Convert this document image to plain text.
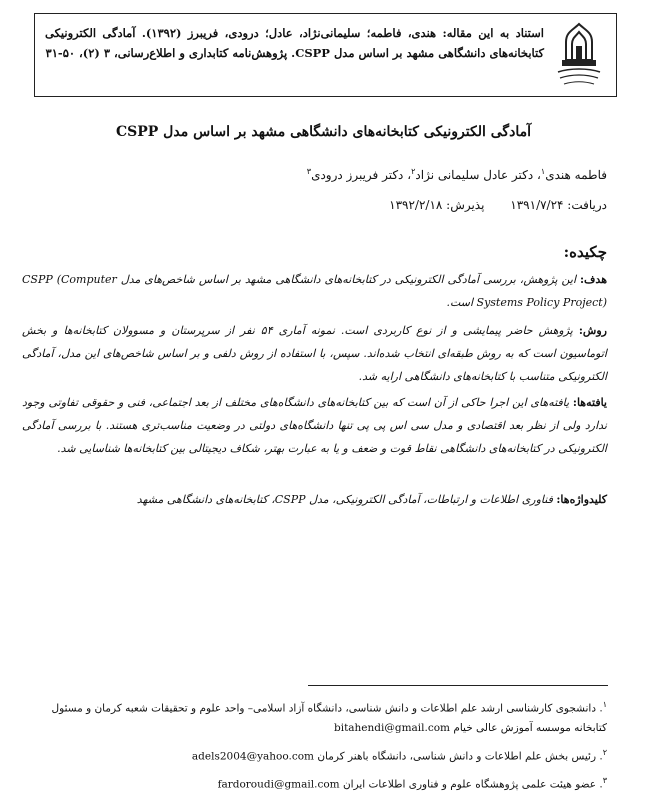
استناد به این مقاله: هندی، فاطمه؛ سلیمانی‌نژاد، عادل؛ درودی، فریبرز (۱۳۹۲). آمادگی الکترونیکی کتابخانه‌های دانشگاهی مشهد بر اساس مدل CSPP. پژوهش‌نامه کتابداری و اطلاع‌رسانی، ۳ (۲)، ۵۰-۳۱
آمادگی الکترونیکی کتابخانه‌های دانشگاهی مشهد بر اساس مدل CSPP
فاطمه هندی$^۱$، دکتر عادل سلیمانی نژاد$^۲$، دکتر فریبرز درودی$^۳$
دریافت: ۱۳۹۱/۷/۲۴ پذیرش: ۱۳۹۲/۲/۱۸
چکیده:
هدف: این پژوهش، بررسی آمادگی الکترونیکی در کتابخانه‌های دانشگاهی مشهد بر اساس شاخص‌های مدل CSPP (Computer Systems Policy Project) است.
روش: پژوهش حاضر پیمایشی و از نوع کاربردی است. نمونه آماری ۵۴ نفر از سرپرستان و مسوولان کتابخانه‌ها و بخش اتوماسیون است که به روش طبقه‌ای انتخاب شده‌اند. سپس، با استفاده از روش دلفی و بر اساس شاخص‌های این مدل، آمادگی الکترونیکی متناسب با کتابخانه‌های دانشگاهی ارایه شد.
یافته‌ها: یافته‌های این اجرا حاکی از آن است که بین کتابخانه‌های دانشگاه‌های مختلف از بعد اجتماعی، فنی و حقوقی تفاوتی وجود ندارد ولی از نظر بعد اقتصادی و مدل سی اس پی پی تنها دانشگاه‌های دولتی در وضعیت مناسب‌تری هستند. با بررسی آمادگی الکترونیکی در کتابخانه‌های دانشگاهی نقاط قوت و ضعف و یا به عبارت بهتر، شکاف دیجیتالی بین کتابخانه‌ها شناسایی شد.
کلیدواژه‌ها: فناوری اطلاعات و ارتباطات، آمادگی الکترونیکی، مدل CSPP، کتابخانه‌های دانشگاهی مشهد
$^۱$. دانشجوی کارشناسی ارشد علم اطلاعات و دانش شناسی، دانشگاه آزاد اسلامی– واحد علوم و تحقیقات شعبه کرمان و مسئول کتابخانه موسسه آموزش عالی خیام bitahendi@gmail.com
$^۲$. رئیس بخش علم اطلاعات و دانش شناسی، دانشگاه باهنر کرمان adels2004@yahoo.com
$^۳$. عضو هیئت علمی پژوهشگاه علوم و فناوری اطلاعات ایران fardoroudi@gmail.com
